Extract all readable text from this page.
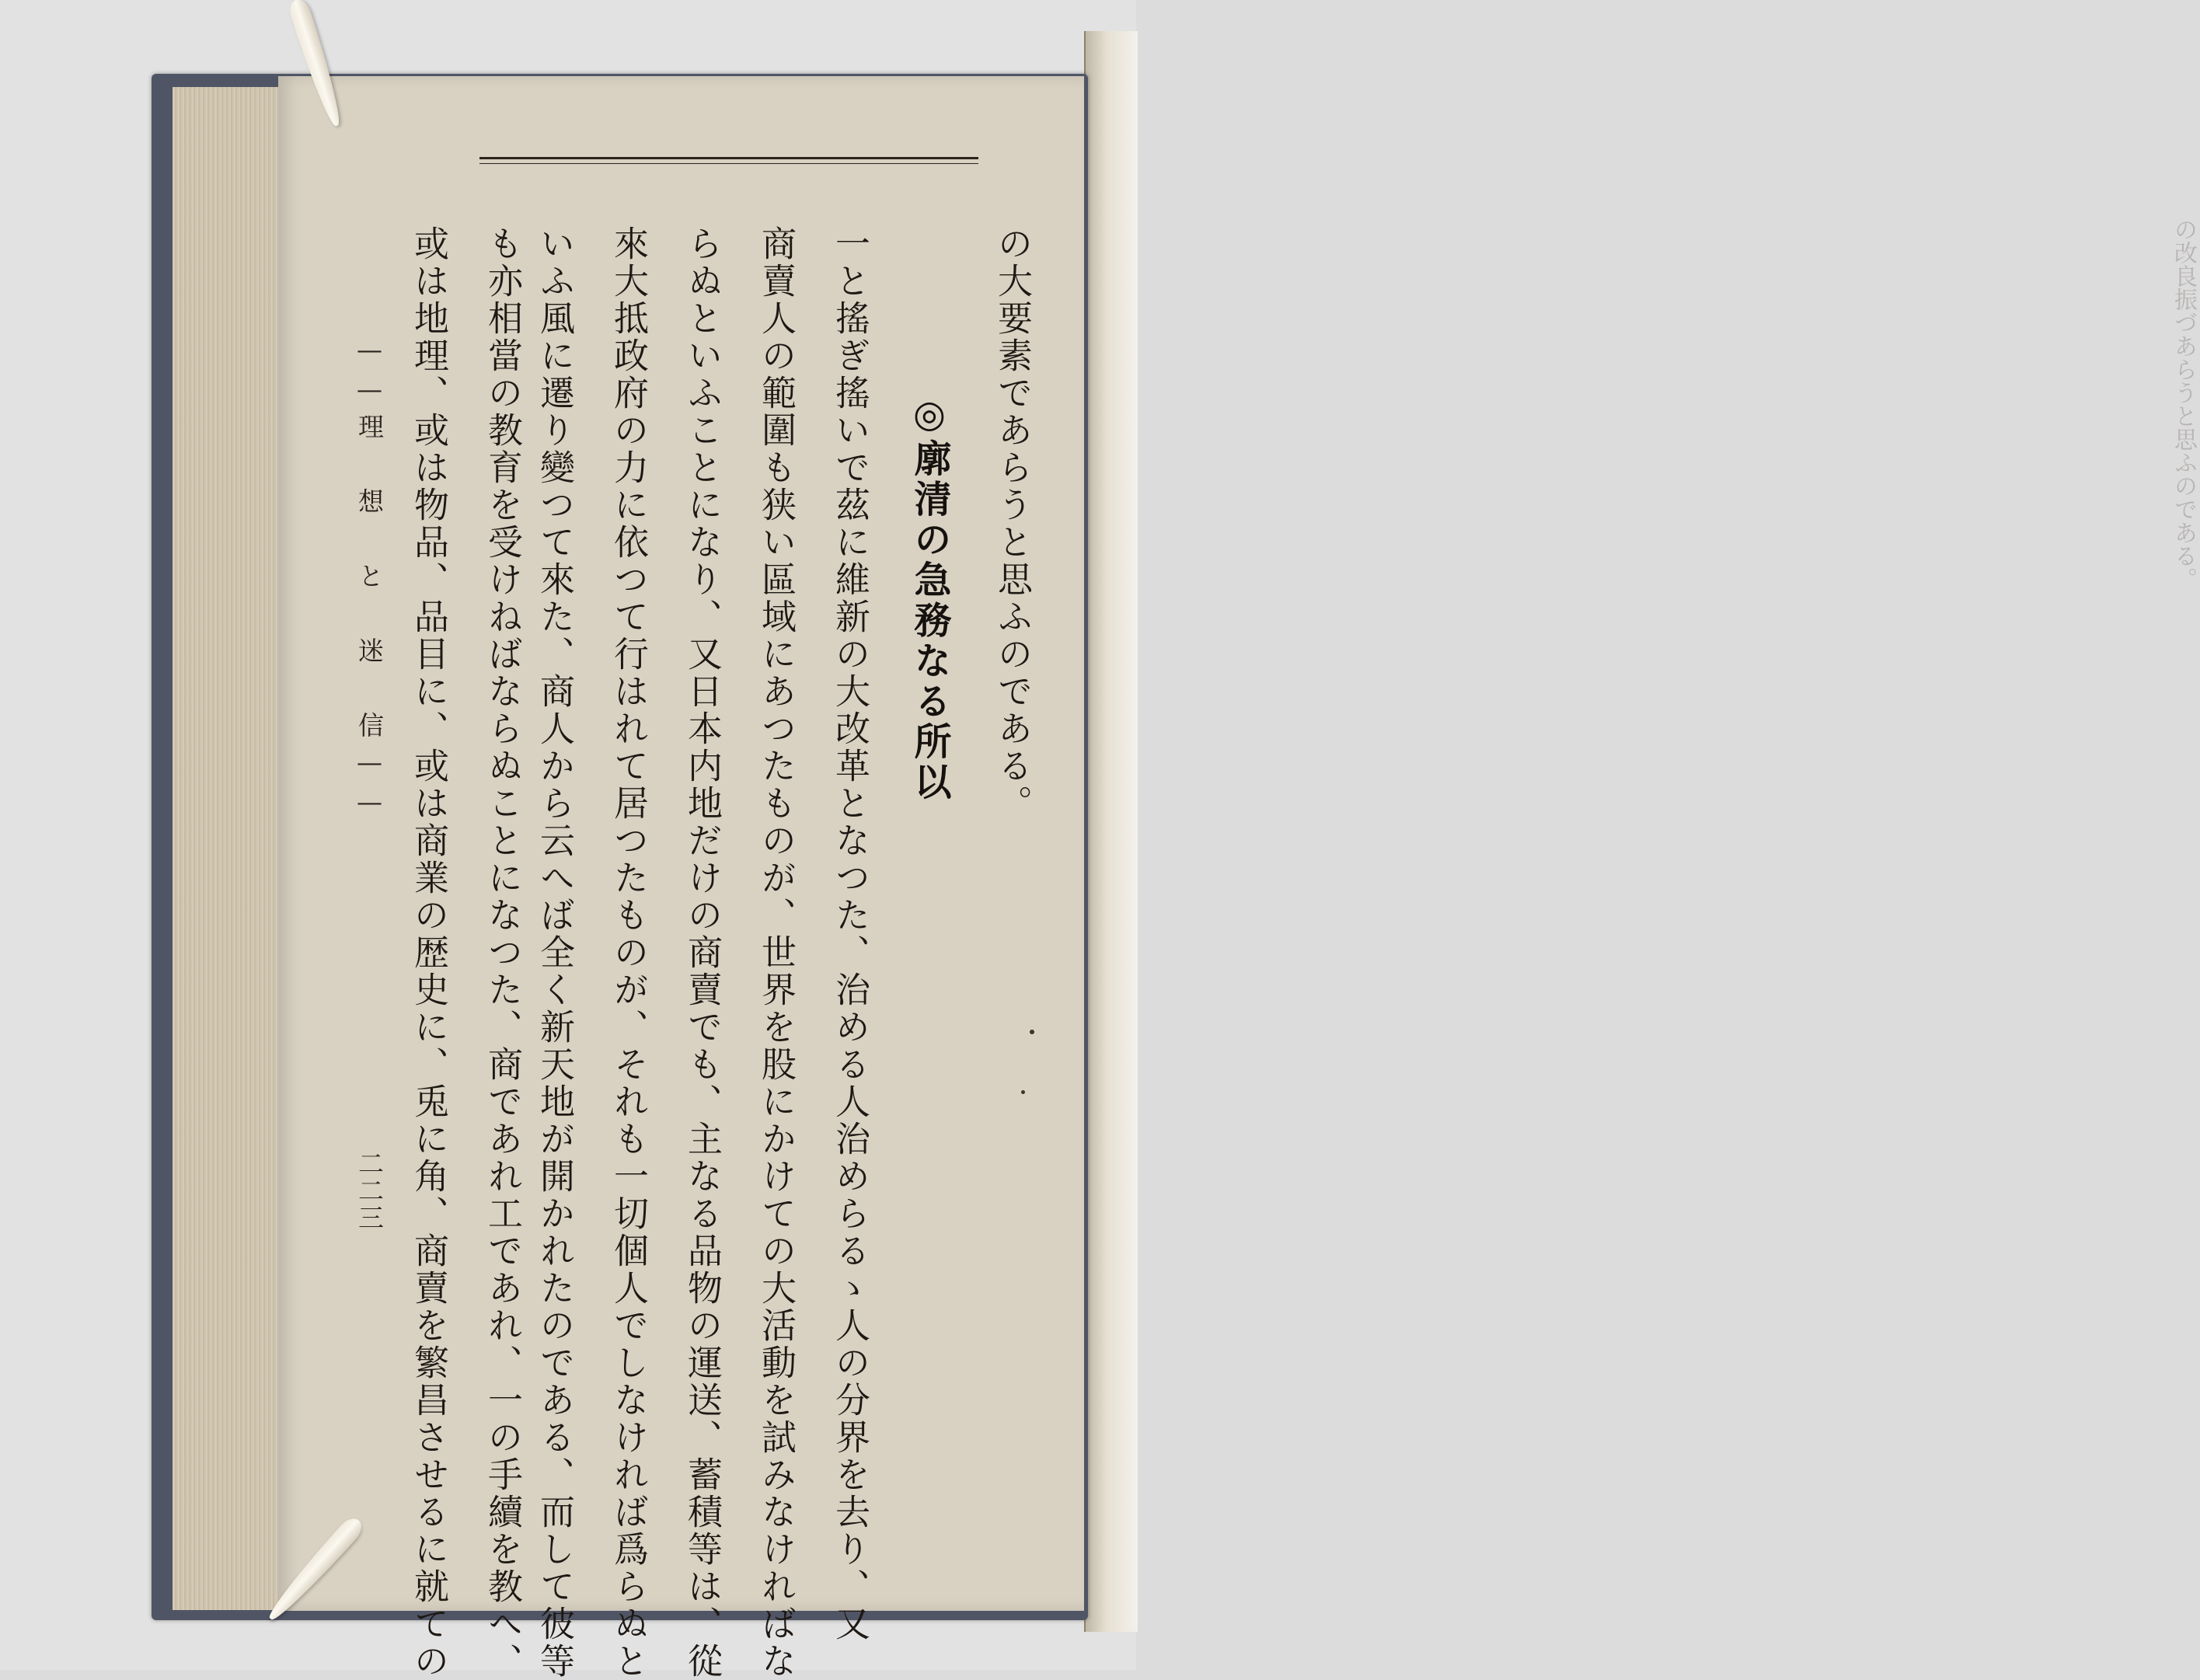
の改良振づあらうと思ふのである。
の大要素であらうと思ふのである。
◎廓清の急務なる所以
一と搖ぎ搖いで茲に維新の大改革となつた、治める人治めらるゝ人の分界を去り、又
商賣人の範圍も狭い區域にあつたものが、世界を股にかけての大活動を試みなければな
らぬといふことになり、又日本内地だけの商賣でも、主なる品物の運送、蓄積等は、從
來大抵政府の力に依つて行はれて居つたものが、それも一切個人でしなければ爲らぬと
いふ風に遷り變つて來た、商人から云へば全く新天地が開かれたのである、而して彼等
も亦相當の教育を受けねばならぬことになつた、商であれ工であれ、一の手續を教へ、
或は地理、或は物品、品目に、或は商業の歴史に、兎に角、商賣を繁昌させるに就ての
——理 想 と 迷 信——
二二三
